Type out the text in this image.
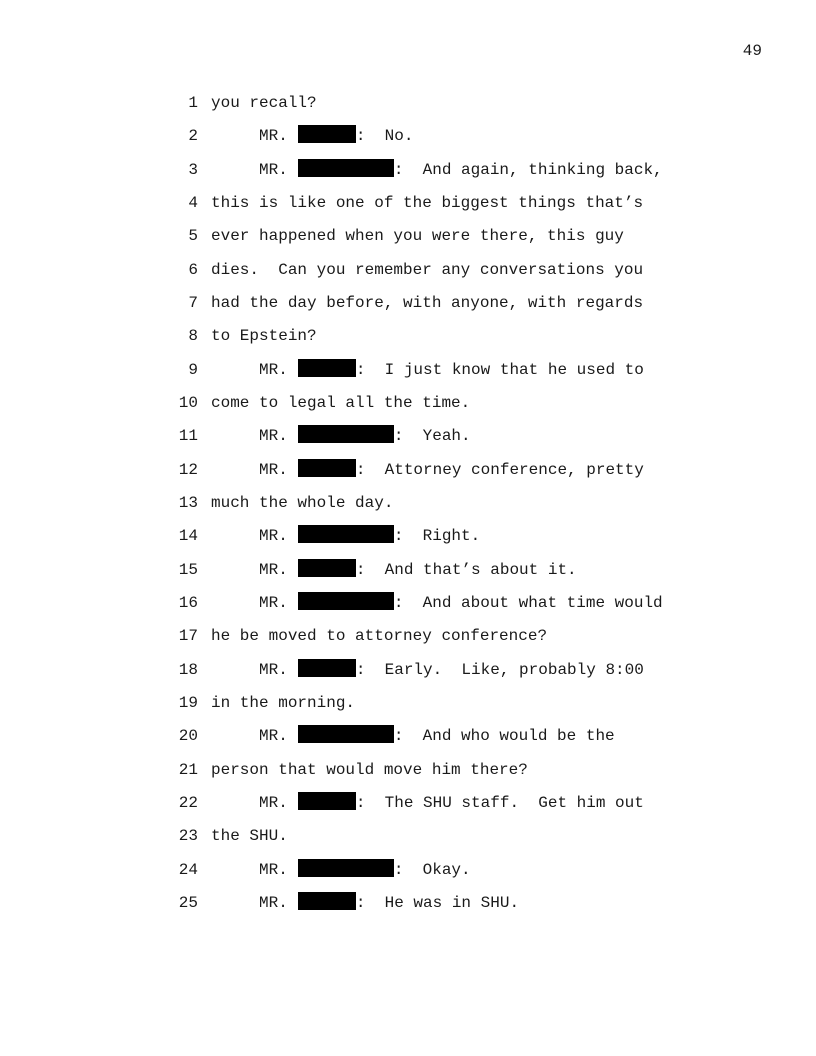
49
1 you recall?
2	MR.	:  No.
3	MR.	:  And again, thinking back,
4 this is like one of the biggest things that’s
5 ever happened when you were there, this guy
6 dies.  Can you remember any conversations you
7 had the day before, with anyone, with regards
8 to Epstein?
9	MR.	:  I just know that he used to
10 come to legal all the time.
11	MR.	:  Yeah.
12	MR.	:  Attorney conference, pretty
13 much the whole day.
14	MR.	:  Right.
15	MR.	:  And that’s about it.
16	MR.	:  And about what time would
17 he be moved to attorney conference?
18	MR.	:  Early.  Like, probably 8:00
19 in the morning.
20	MR.	:  And who would be the
21 person that would move him there?
22	MR.	:  The SHU staff.  Get him out
23 the SHU.
24	MR.	:  Okay.
25	MR.	:  He was in SHU.
